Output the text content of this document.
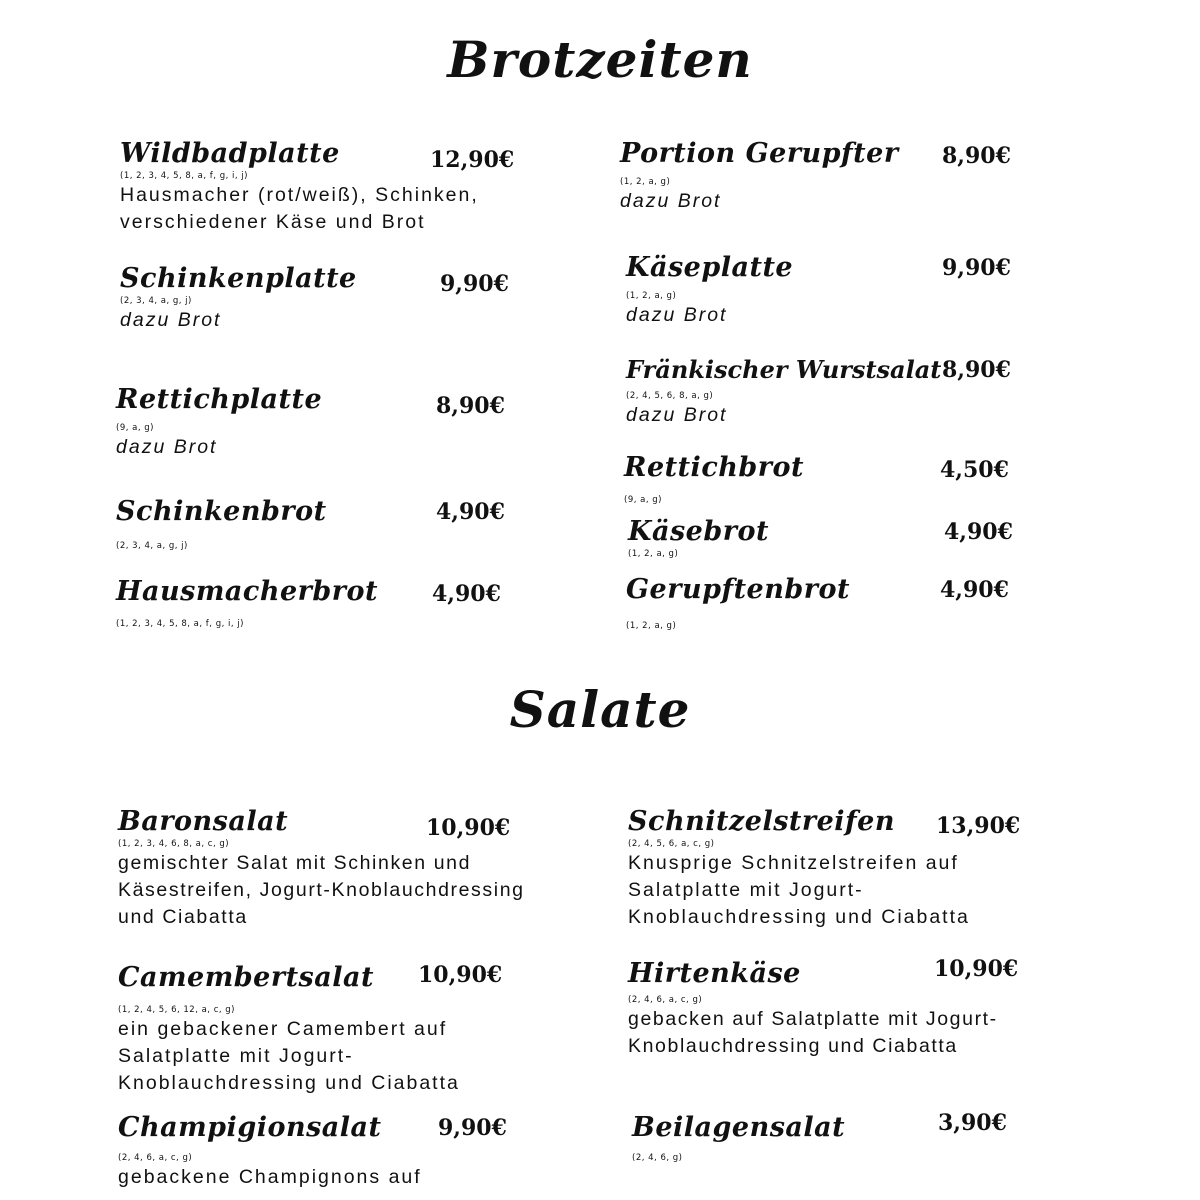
Brotzeiten
Wildbadplatte	12,90€
(1, 2, 3, 4, 5, 8, a, f, g, i, j)
Hausmacher (rot/weiß), Schinken,
verschiedener Käse und Brot
Schinkenplatte	9,90€
(2, 3, 4, a, g, j)
dazu Brot
Rettichplatte	8,90€
(9, a, g)
dazu Brot
Schinkenbrot	4,90€
(2, 3, 4, a, g, j)
Hausmacherbrot	4,90€
(1, 2, 3, 4, 5, 8, a, f, g, i, j)
Portion Gerupfter	8,90€
(1, 2, a, g)
dazu Brot
Käseplatte	9,90€
(1, 2, a, g)
dazu Brot
Fränkischer Wurstsalat 8,90€
(2, 4, 5, 6, 8, a, g)
dazu Brot
Rettichbrot	4,50€
(9, a, g)
Käsebrot	4,90€
(1, 2, a, g)
Gerupftenbrot	4,90€
(1, 2, a, g)
Salate
Baronsalat	10,90€
(1, 2, 3, 4, 6, 8, a, c, g)
gemischter Salat mit Schinken und
Käsestreifen, Jogurt-Knoblauchdressing
und Ciabatta
Camembertsalat	10,90€
(1, 2, 4, 5, 6, 12, a, c, g)
ein gebackener Camembert auf
Salatplatte mit Jogurt-
Knoblauchdressing und Ciabatta
Champigionsalat	9,90€
(2, 4, 6, a, c, g)
gebackene Champignons auf
Schnitzelstreifen	13,90€
(2, 4, 5, 6, a, c, g)
Knusprige Schnitzelstreifen auf
Salatplatte mit Jogurt-
Knoblauchdressing und Ciabatta
Hirtenkäse	10,90€
(2, 4, 6, a, c, g)
gebacken auf Salatplatte mit Jogurt-
Knoblauchdressing und Ciabatta
Beilagensalat	3,90€
(2, 4, 6, g)
